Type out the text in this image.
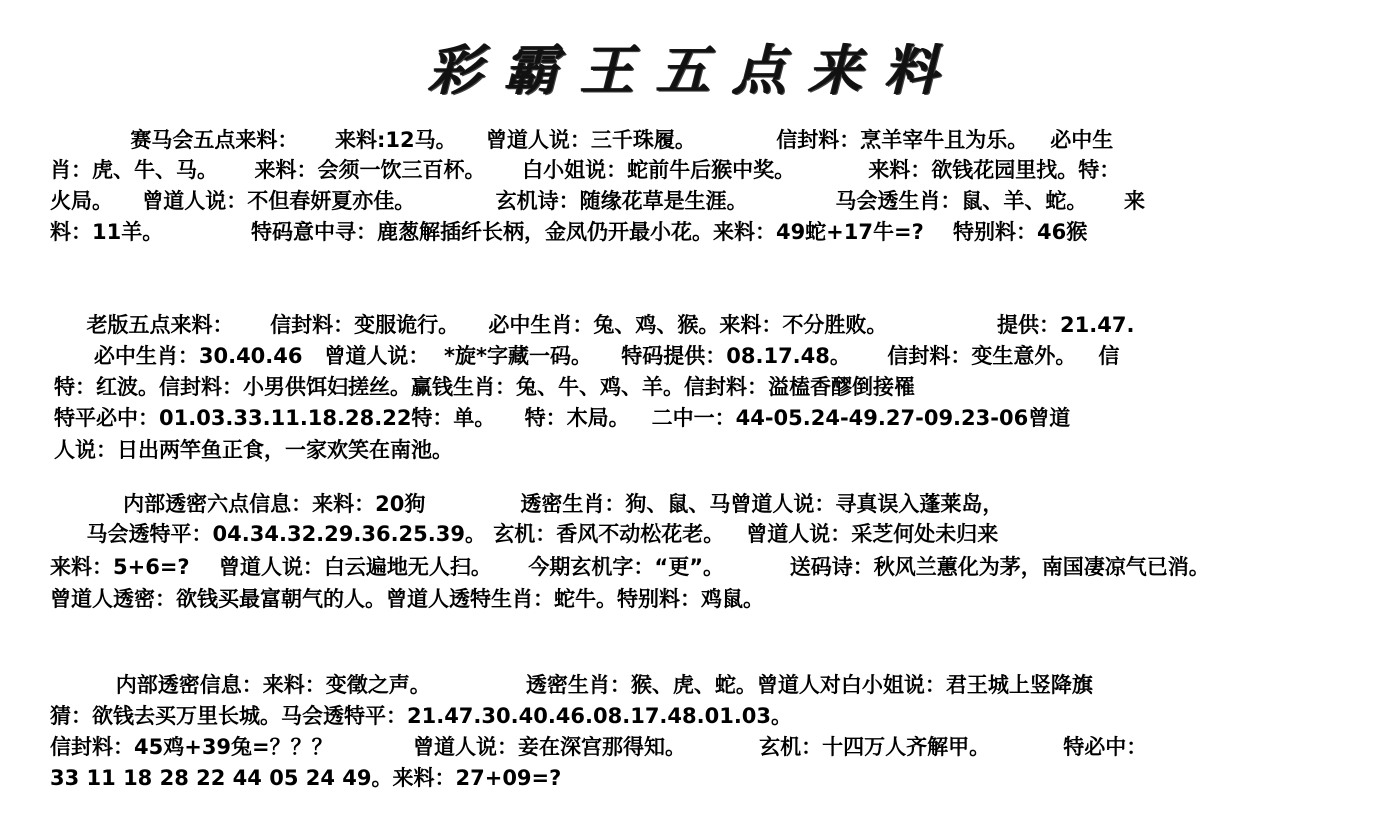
彩霸王五点来料
赛马会五点来料：     来料:12马。    曾道人说：三千珠履。           信封料：烹羊宰牛且为乐。   必中生
肖：虎、牛、马。     来料：会须一饮三百杯。     白小姐说：蛇前牛后猴中奖。          来料：欲钱花园里找。特：
火局。    曾道人说：不但春妍夏亦佳。           玄机诗：随缘花草是生涯。            马会透生肖：鼠、羊、蛇。     来
料：11羊。            特码意中寻：鹿葱解插纤长柄，金凤仍开最小花。来料：49蛇+17牛=?    特别料：46猴
老版五点来料：     信封料：变服诡行。    必中生肖：兔、鸡、猴。来料：不分胜败。               提供：21.47.
必中生肖：30.40.46   曾道人说：  *旋*字藏一码。    特码提供：08.17.48。     信封料：变生意外。   信
特：红波。信封料：小男供饵妇搓丝。赢钱生肖：兔、牛、鸡、羊。信封料：溢榼香醪倒接罹
特平必中：01.03.33.11.18.28.22特：单。    特：木局。   二中一：44-05.24-49.27-09.23-06曾道
人说：日出两竿鱼正食，一家欢笑在南池。
内部透密六点信息：来料：20狗             透密生肖：狗、鼠、马曾道人说：寻真误入蓬莱岛，
马会透特平：04.34.32.29.36.25.39。 玄机：香风不动松花老。   曾道人说：采芝何处未归来
来料：5+6=?    曾道人说：白云遍地无人扫。     今期玄机字：“更”。         送码诗：秋风兰蕙化为茅，南国凄凉气已消。
曾道人透密：欲钱买最富朝气的人。曾道人透特生肖：蛇牛。特别料：鸡鼠。
内部透密信息：来料：变徵之声。             透密生肖：猴、虎、蛇。曾道人对白小姐说：君王城上竖降旗
猜：欲钱去买万里长城。马会透特平：21.47.30.40.46.08.17.48.01.03。
信封料：45鸡+39兔=？？？           曾道人说：妾在深宫那得知。          玄机：十四万人齐解甲。          特必中：
33 11 18 28 22 44 05 24 49。来料：27+09=?
